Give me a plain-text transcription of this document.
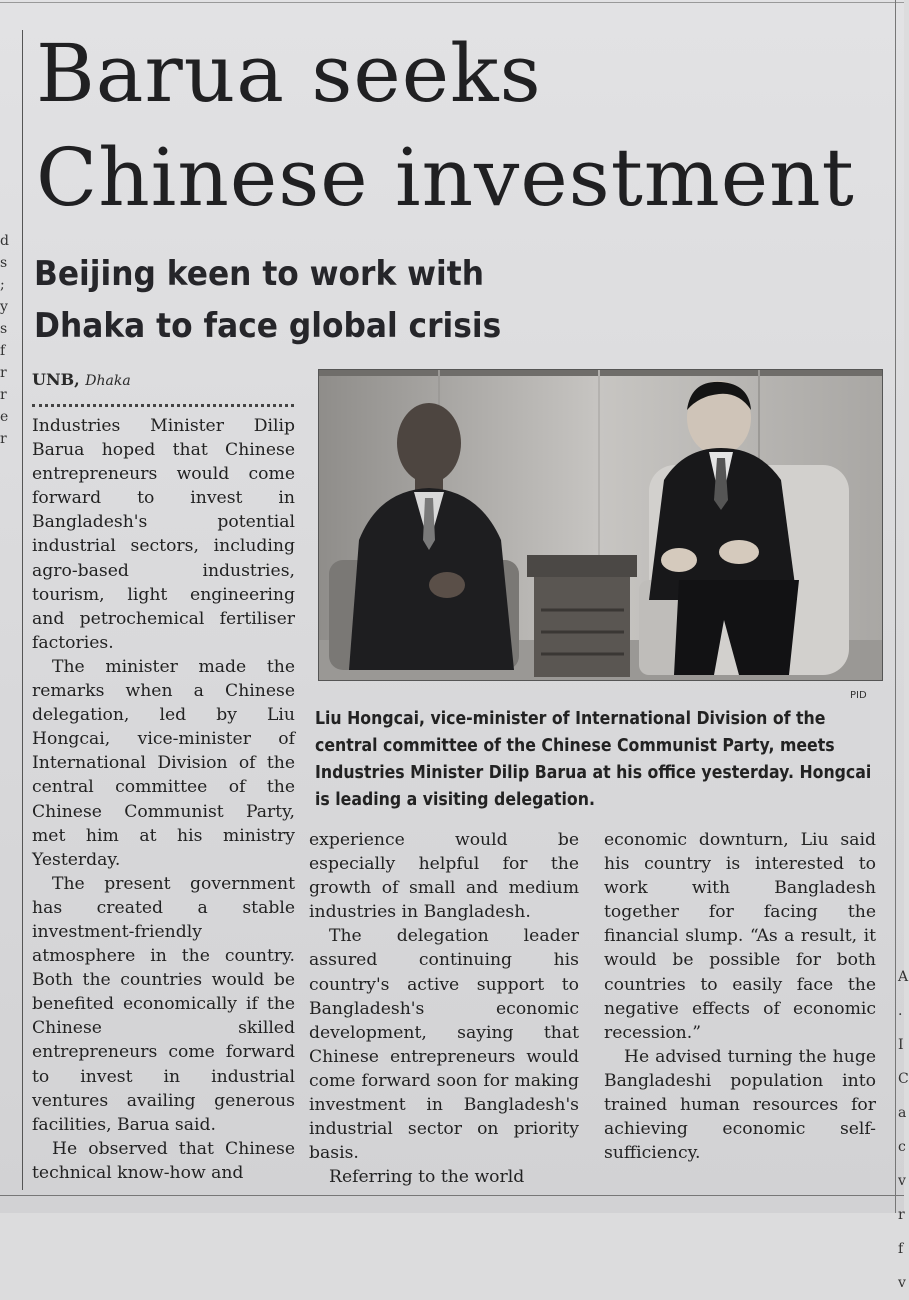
d
s
;
y
s
f
r
r
e
r
A
.
I
C
a
c
v
r
f
v
Barua seeks Chinese investment
Beijing keen to work with Dhaka to face global crisis
UNB, Dhaka

Industries Minister Dilip Barua hoped that Chinese entrepreneurs would come forward to invest in Bangladesh's potential industrial sectors, including agro-based industries, tourism, light engineering and petrochemical fertiliser factories.

The minister made the remarks when a Chinese delegation, led by Liu Hongcai, vice-minister of International Division of the central committee of the Chinese Communist Party, met him at his ministry Yesterday.

The present government has created a stable investment-friendly atmosphere in the country. Both the countries would be benefited economically if the Chinese skilled entrepreneurs come forward to invest in industrial ventures availing generous facilities, Barua said.

He observed that Chinese technical know-how and

PID

Liu Hongcai, vice-minister of International Division of the central committee of the Chinese Communist Party, meets Industries Minister Dilip Barua at his office yesterday. Hongcai is leading a visiting delegation.

experience would be especially helpful for the growth of small and medium industries in Bangladesh.

The delegation leader assured continuing his country's active support to Bangladesh's economic development, saying that Chinese entrepreneurs would come forward soon for making investment in Bangladesh's industrial sector on priority basis.

Referring to the world

economic downturn, Liu said his country is interested to work with Bangladesh together for facing the financial slump. “As a result, it would be possible for both countries to easily face the negative effects of economic recession.”

He advised turning the huge Bangladeshi population into trained human resources for achieving economic self-sufficiency.
